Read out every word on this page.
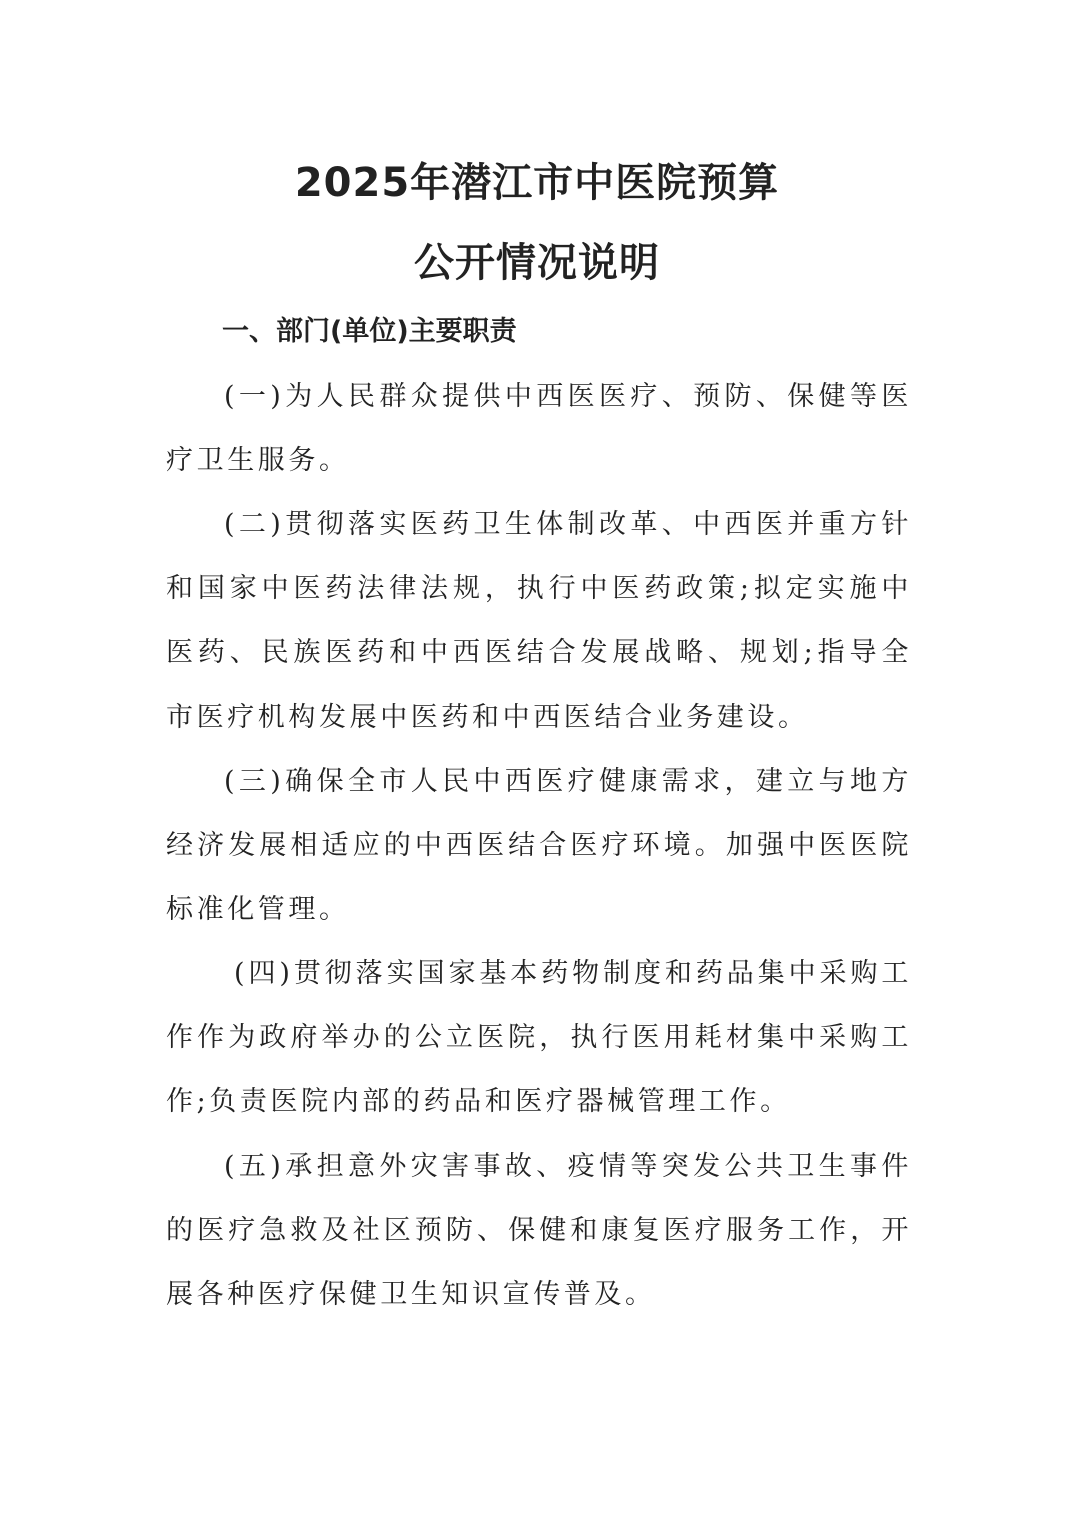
2025年潜江市中医院预算
公开情况说明
一、部门(单位)主要职责

(一)为人民群众提供中西医医疗、预防、保健等医疗卫生服务。

(二)贯彻落实医药卫生体制改革、中西医并重方针和国家中医药法律法规，执行中医药政策;拟定实施中医药、民族医药和中西医结合发展战略、规划;指导全市医疗机构发展中医药和中西医结合业务建设。

(三)确保全市人民中西医疗健康需求，建立与地方经济发展相适应的中西医结合医疗环境。加强中医医院标准化管理。

(四)贯彻落实国家基本药物制度和药品集中采购工作作为政府举办的公立医院，执行医用耗材集中采购工作;负责医院内部的药品和医疗器械管理工作。

(五)承担意外灾害事故、疫情等突发公共卫生事件的医疗急救及社区预防、保健和康复医疗服务工作，开展各种医疗保健卫生知识宣传普及。
